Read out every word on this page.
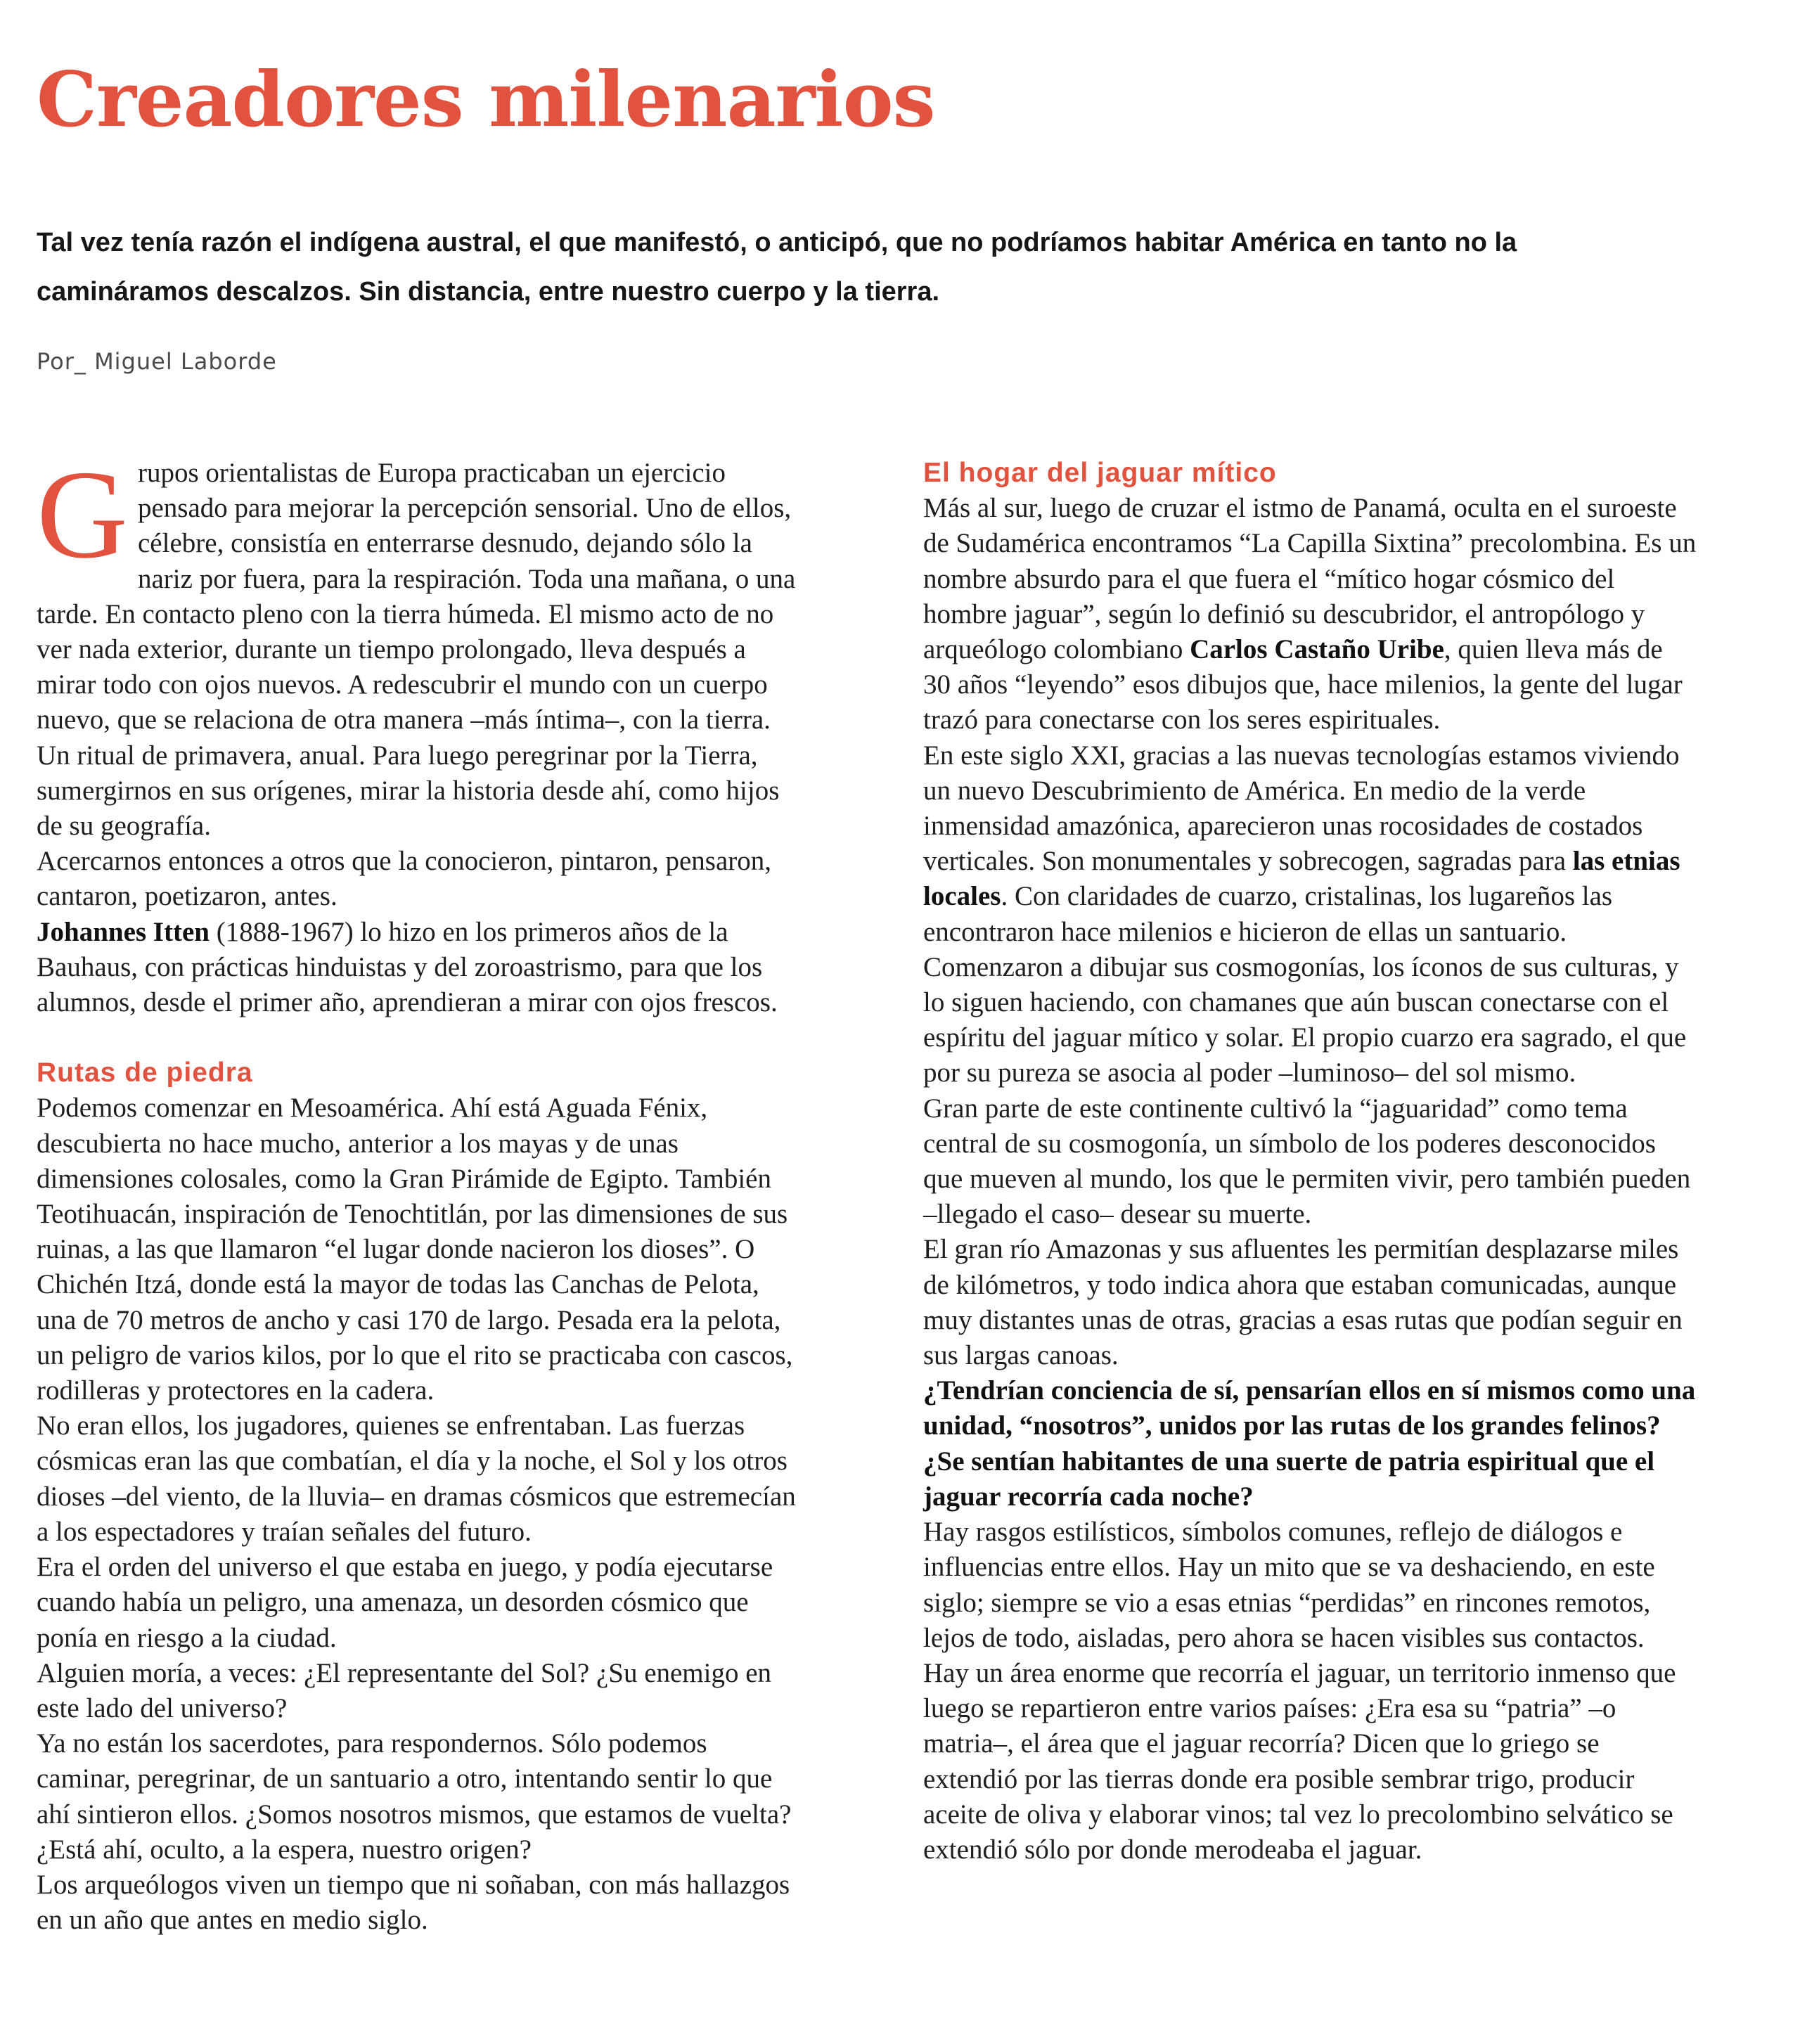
Creadores milenarios

Tal vez tenía razón el indígena austral, el que manifestó, o anticipó, que no podríamos habitar América en tanto no la camináramos descalzos. Sin distancia, entre nuestro cuerpo y la tierra.

Por_ Miguel Laborde

Grupos orientalistas de Europa practicaban un ejercicio pensado para mejorar la percepción sensorial. Uno de ellos, célebre, consistía en enterrarse desnudo, dejando sólo la nariz por fuera, para la respiración. Toda una mañana, o una tarde. En contacto pleno con la tierra húmeda. El mismo acto de no ver nada exterior, durante un tiempo prolongado, lleva después a mirar todo con ojos nuevos. A redescubrir el mundo con un cuerpo nuevo, que se relaciona de otra manera –más íntima–, con la tierra. Un ritual de primavera, anual. Para luego peregrinar por la Tierra, sumergirnos en sus orígenes, mirar la historia desde ahí, como hijos de su geografía.

Acercarnos entonces a otros que la conocieron, pintaron, pensaron, cantaron, poetizaron, antes.

Johannes Itten (1888-1967) lo hizo en los primeros años de la Bauhaus, con prácticas hinduistas y del zoroastrismo, para que los alumnos, desde el primer año, aprendieran a mirar con ojos frescos.

Rutas de piedra

Podemos comenzar en Mesoamérica. Ahí está Aguada Fénix, descubierta no hace mucho, anterior a los mayas y de unas dimensiones colosales, como la Gran Pirámide de Egipto. También Teotihuacán, inspiración de Tenochtitlán, por las dimensiones de sus ruinas, a las que llamaron “el lugar donde nacieron los dioses”. O Chichén Itzá, donde está la mayor de todas las Canchas de Pelota, una de 70 metros de ancho y casi 170 de largo. Pesada era la pelota, un peligro de varios kilos, por lo que el rito se practicaba con cascos, rodilleras y protectores en la cadera.

No eran ellos, los jugadores, quienes se enfrentaban. Las fuerzas cósmicas eran las que combatían, el día y la noche, el Sol y los otros dioses –del viento, de la lluvia– en dramas cósmicos que estremecían a los espectadores y traían señales del futuro.

Era el orden del universo el que estaba en juego, y podía ejecutarse cuando había un peligro, una amenaza, un desorden cósmico que ponía en riesgo a la ciudad.

Alguien moría, a veces: ¿El representante del Sol? ¿Su enemigo en este lado del universo?

Ya no están los sacerdotes, para respondernos. Sólo podemos caminar, peregrinar, de un santuario a otro, intentando sentir lo que ahí sintieron ellos. ¿Somos nosotros mismos, que estamos de vuelta? ¿Está ahí, oculto, a la espera, nuestro origen?

Los arqueólogos viven un tiempo que ni soñaban, con más hallazgos en un año que antes en medio siglo.

El hogar del jaguar mítico

Más al sur, luego de cruzar el istmo de Panamá, oculta en el suroeste de Sudamérica encontramos “La Capilla Sixtina” precolombina. Es un nombre absurdo para el que fuera el “mítico hogar cósmico del hombre jaguar”, según lo definió su descubridor, el antropólogo y arqueólogo colombiano Carlos Castaño Uribe, quien lleva más de 30 años “leyendo” esos dibujos que, hace milenios, la gente del lugar trazó para conectarse con los seres espirituales.

En este siglo XXI, gracias a las nuevas tecnologías estamos viviendo un nuevo Descubrimiento de América. En medio de la verde inmensidad amazónica, aparecieron unas rocosidades de costados verticales. Son monumentales y sobrecogen, sagradas para las etnias locales. Con claridades de cuarzo, cristalinas, los lugareños las encontraron hace milenios e hicieron de ellas un santuario. Comenzaron a dibujar sus cosmogonías, los íconos de sus culturas, y lo siguen haciendo, con chamanes que aún buscan conectarse con el espíritu del jaguar mítico y solar. El propio cuarzo era sagrado, el que por su pureza se asocia al poder –luminoso– del sol mismo.

Gran parte de este continente cultivó la “jaguaridad” como tema central de su cosmogonía, un símbolo de los poderes desconocidos que mueven al mundo, los que le permiten vivir, pero también pueden –llegado el caso– desear su muerte.

El gran río Amazonas y sus afluentes les permitían desplazarse miles de kilómetros, y todo indica ahora que estaban comunicadas, aunque muy distantes unas de otras, gracias a esas rutas que podían seguir en sus largas canoas.

¿Tendrían conciencia de sí, pensarían ellos en sí mismos como una unidad, “nosotros”, unidos por las rutas de los grandes felinos? ¿Se sentían habitantes de una suerte de patria espiritual que el jaguar recorría cada noche?

Hay rasgos estilísticos, símbolos comunes, reflejo de diálogos e influencias entre ellos. Hay un mito que se va deshaciendo, en este siglo; siempre se vio a esas etnias “perdidas” en rincones remotos, lejos de todo, aisladas, pero ahora se hacen visibles sus contactos.

Hay un área enorme que recorría el jaguar, un territorio inmenso que luego se repartieron entre varios países: ¿Era esa su “patria” –o matria–, el área que el jaguar recorría? Dicen que lo griego se extendió por las tierras donde era posible sembrar trigo, producir aceite de oliva y elaborar vinos; tal vez lo precolombino selvático se extendió sólo por donde merodeaba el jaguar.
